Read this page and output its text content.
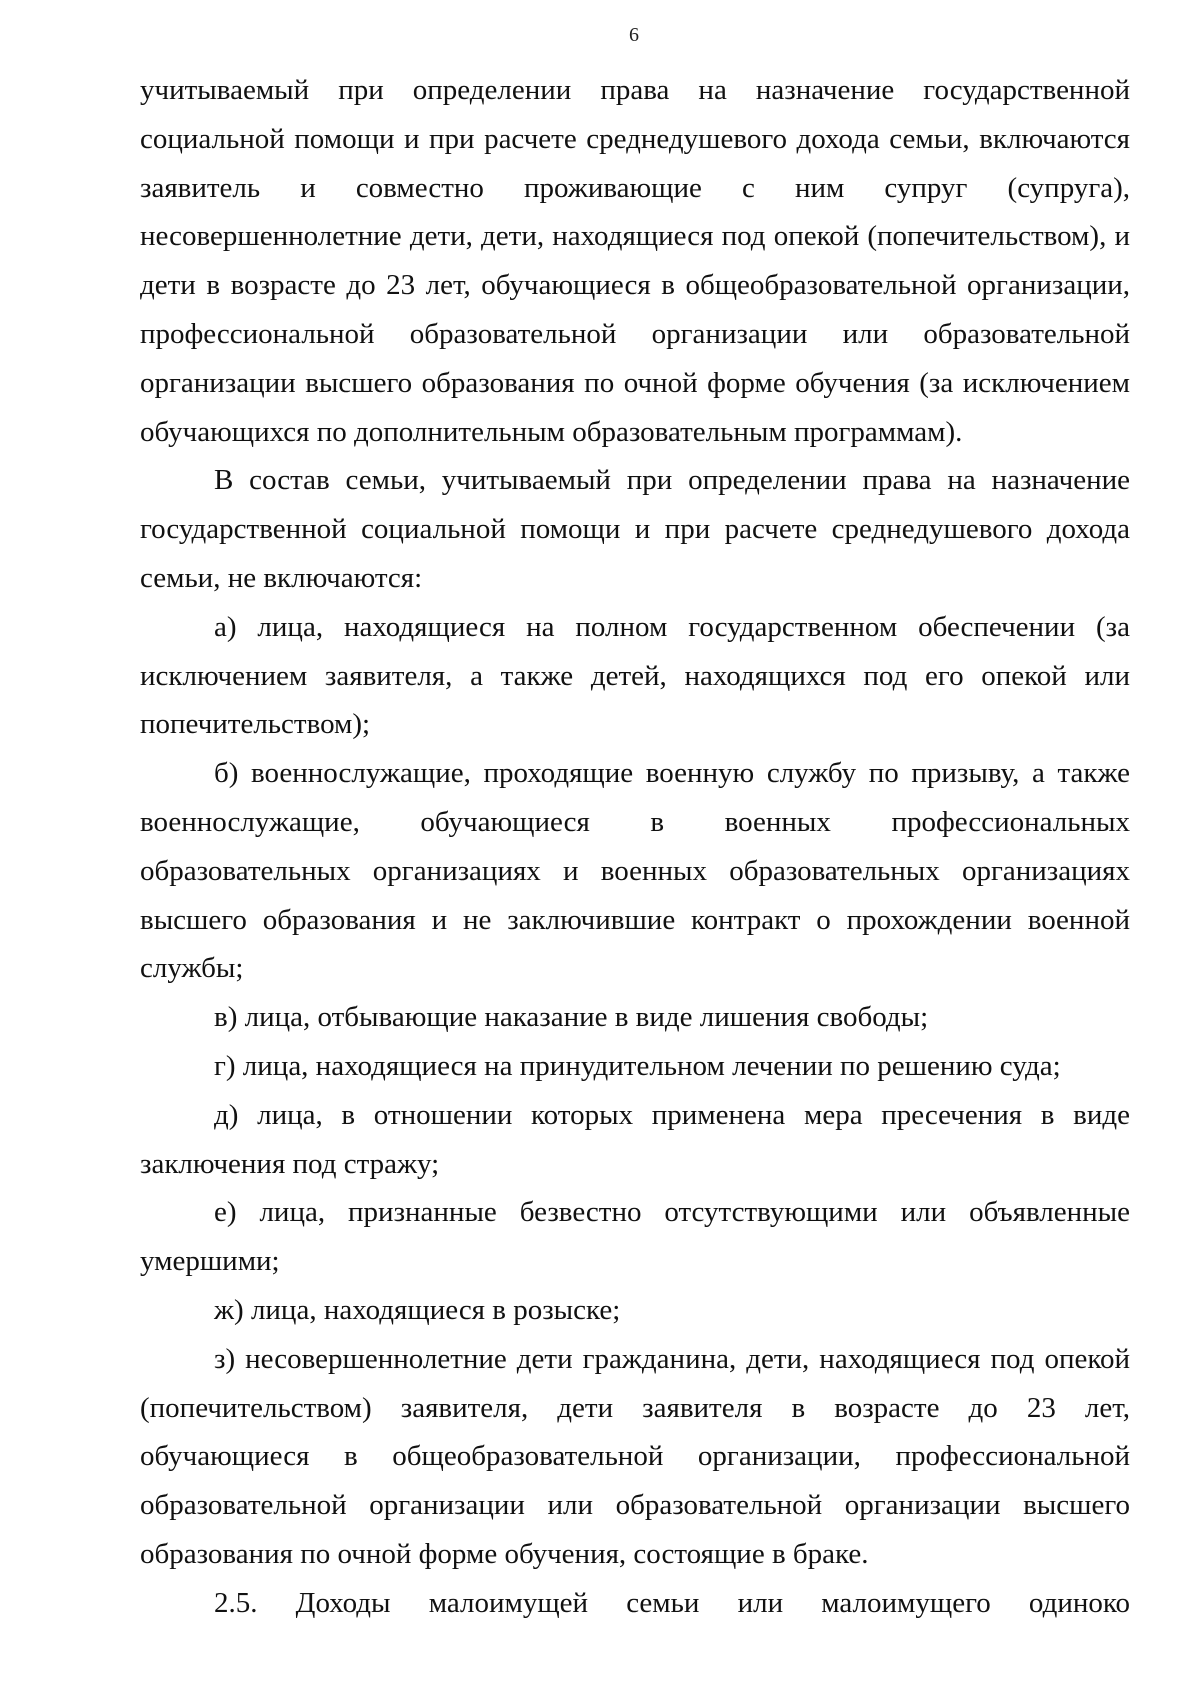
6

учитываемый при определении права на назначение государственной социальной помощи и при расчете среднедушевого дохода семьи, включаются заявитель и совместно проживающие с ним супруг (супруга), несовершеннолетние дети, дети, находящиеся под опекой (попечительством), и дети в возрасте до 23 лет, обучающиеся в общеобразовательной организации, профессиональной образовательной организации или образовательной организации высшего образования по очной форме обучения (за исключением обучающихся по дополнительным образовательным программам).

В состав семьи, учитываемый при определении права на назначение государственной социальной помощи и при расчете среднедушевого дохода семьи, не включаются:

а) лица, находящиеся на полном государственном обеспечении (за исключением заявителя, а также детей, находящихся под его опекой или попечительством);

б) военнослужащие, проходящие военную службу по призыву, а также военнослужащие, обучающиеся в военных профессиональных образовательных организациях и военных образовательных организациях высшего образования и не заключившие контракт о прохождении военной службы;

в) лица, отбывающие наказание в виде лишения свободы;

г) лица, находящиеся на принудительном лечении по решению суда;

д) лица, в отношении которых применена мера пресечения в виде заключения под стражу;

е) лица, признанные безвестно отсутствующими или объявленные умершими;

ж) лица, находящиеся в розыске;

з) несовершеннолетние дети гражданина, дети, находящиеся под опекой (попечительством) заявителя, дети заявителя в возрасте до 23 лет, обучающиеся в общеобразовательной организации, профессиональной образовательной организации или образовательной организации высшего образования по очной форме обучения, состоящие в браке.

2.5. Доходы малоимущей семьи или малоимущего одиноко
